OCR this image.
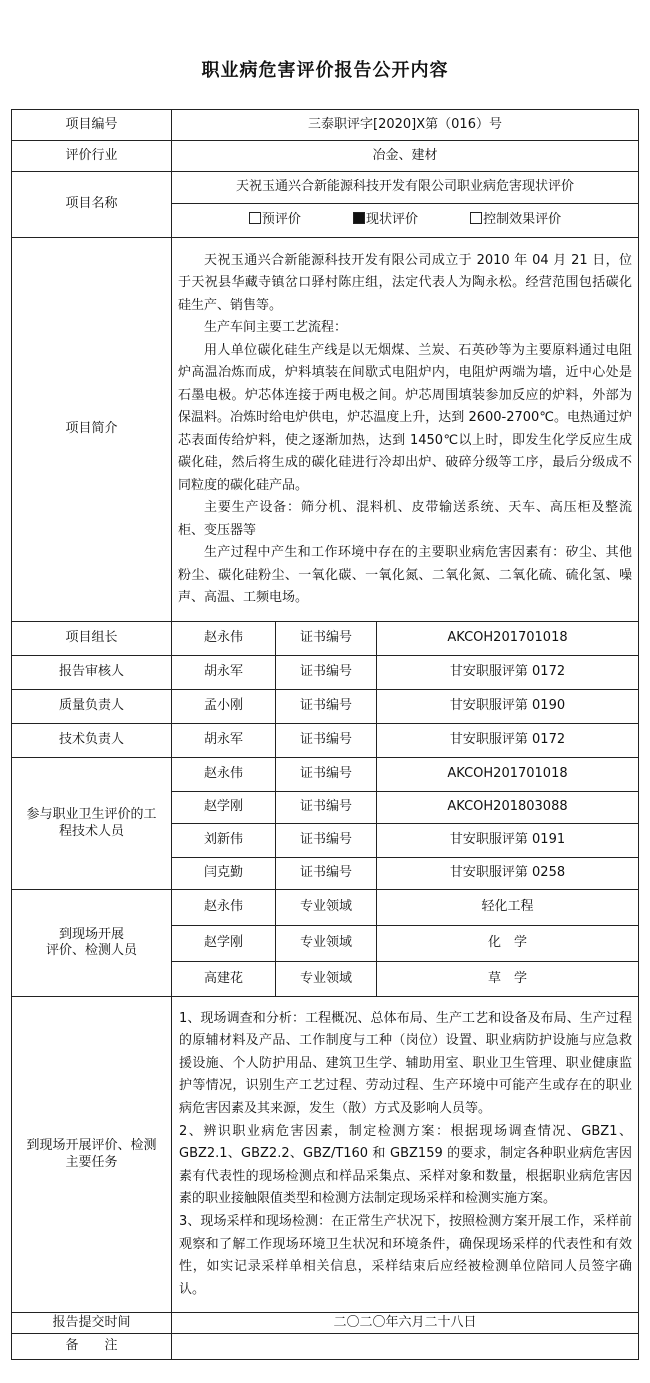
职业病危害评价报告公开内容
项目编号	三泰职评字[2020]X第（016）号		
评价行业	冶金、建材		
项目名称	天祝玉通兴合新能源科技开发有限公司职业病危害现状评价		
	预评价 现状评价 控制效果评价		
项目简介	天祝玉通兴合新能源科技开发有限公司成立于 2010 年 04 月 21 日，位于天祝县华藏寺镇岔口驿村陈庄组，法定代表人为陶永松。经营范围包括碳化硅生产、销售等。

生产车间主要工艺流程：

用人单位碳化硅生产线是以无烟煤、兰炭、石英砂等为主要原料通过电阻炉高温冶炼而成，炉料填装在间歇式电阻炉内，电阻炉两端为墙，近中心处是石墨电极。炉芯体连接于两电极之间。炉芯周围填装参加反应的炉料，外部为保温料。冶炼时给电炉供电，炉芯温度上升，达到 2600-2700℃。电热通过炉芯表面传给炉料，使之逐渐加热，达到 1450℃以上时，即发生化学反应生成碳化硅，然后将生成的碳化硅进行冷却出炉、破碎分级等工序，最后分级成不同粒度的碳化硅产品。

主要生产设备：筛分机、混料机、皮带输送系统、天车、高压柜及整流柜、变压器等

生产过程中产生和工作环境中存在的主要职业病危害因素有：矽尘、其他粉尘、碳化硅粉尘、一氧化碳、一氧化氮、二氧化氮、二氧化硫、硫化氢、噪声、高温、工频电场。		

项目组长	赵永伟	证书编号	AKCOH201701018
报告审核人	胡永军	证书编号	甘安职服评第 0172
质量负责人	孟小刚	证书编号	甘安职服评第 0190
技术负责人	胡永军	证书编号	甘安职服评第 0172
参与职业卫生评价的工程技术人员	赵永伟	证书编号	AKCOH201701018
	赵学刚	证书编号	AKCOH201803088
	刘新伟	证书编号	甘安职服评第 0191
	闫克勤	证书编号	甘安职服评第 0258

到现场开展
评价、检测人员	赵永伟	专业领域	轻化工程
	赵学刚	专业领域	化　学
	高建花	专业领域	草　学
到现场开展评价、检测主要任务	1、现场调查和分析：工程概况、总体布局、生产工艺和设备及布局、生产过程的原辅材料及产品、工作制度与工种（岗位）设置、职业病防护设施与应急救援设施、个人防护用品、建筑卫生学、辅助用室、职业卫生管理、职业健康监护等情况，识别生产工艺过程、劳动过程、生产环境中可能产生或存在的职业病危害因素及其来源，发生（散）方式及影响人员等。

2、辨识职业病危害因素，制定检测方案：根据现场调查情况、GBZ1、GBZ2.1、GBZ2.2、GBZ/T160 和 GBZ159 的要求，制定各种职业病危害因素有代表性的现场检测点和样品采集点、采样对象和数量，根据职业病危害因素的职业接触限值类型和检测方法制定现场采样和检测实施方案。

3、现场采样和现场检测：在正常生产状况下，按照检测方案开展工作，采样前观察和了解工作现场环境卫生状况和环境条件，确保现场采样的代表性和有效性，如实记录采样单相关信息，采样结束后应经被检测单位陪同人员签字确认。		

报告提交时间	二〇二〇年六月二十八日		
备　　注			
